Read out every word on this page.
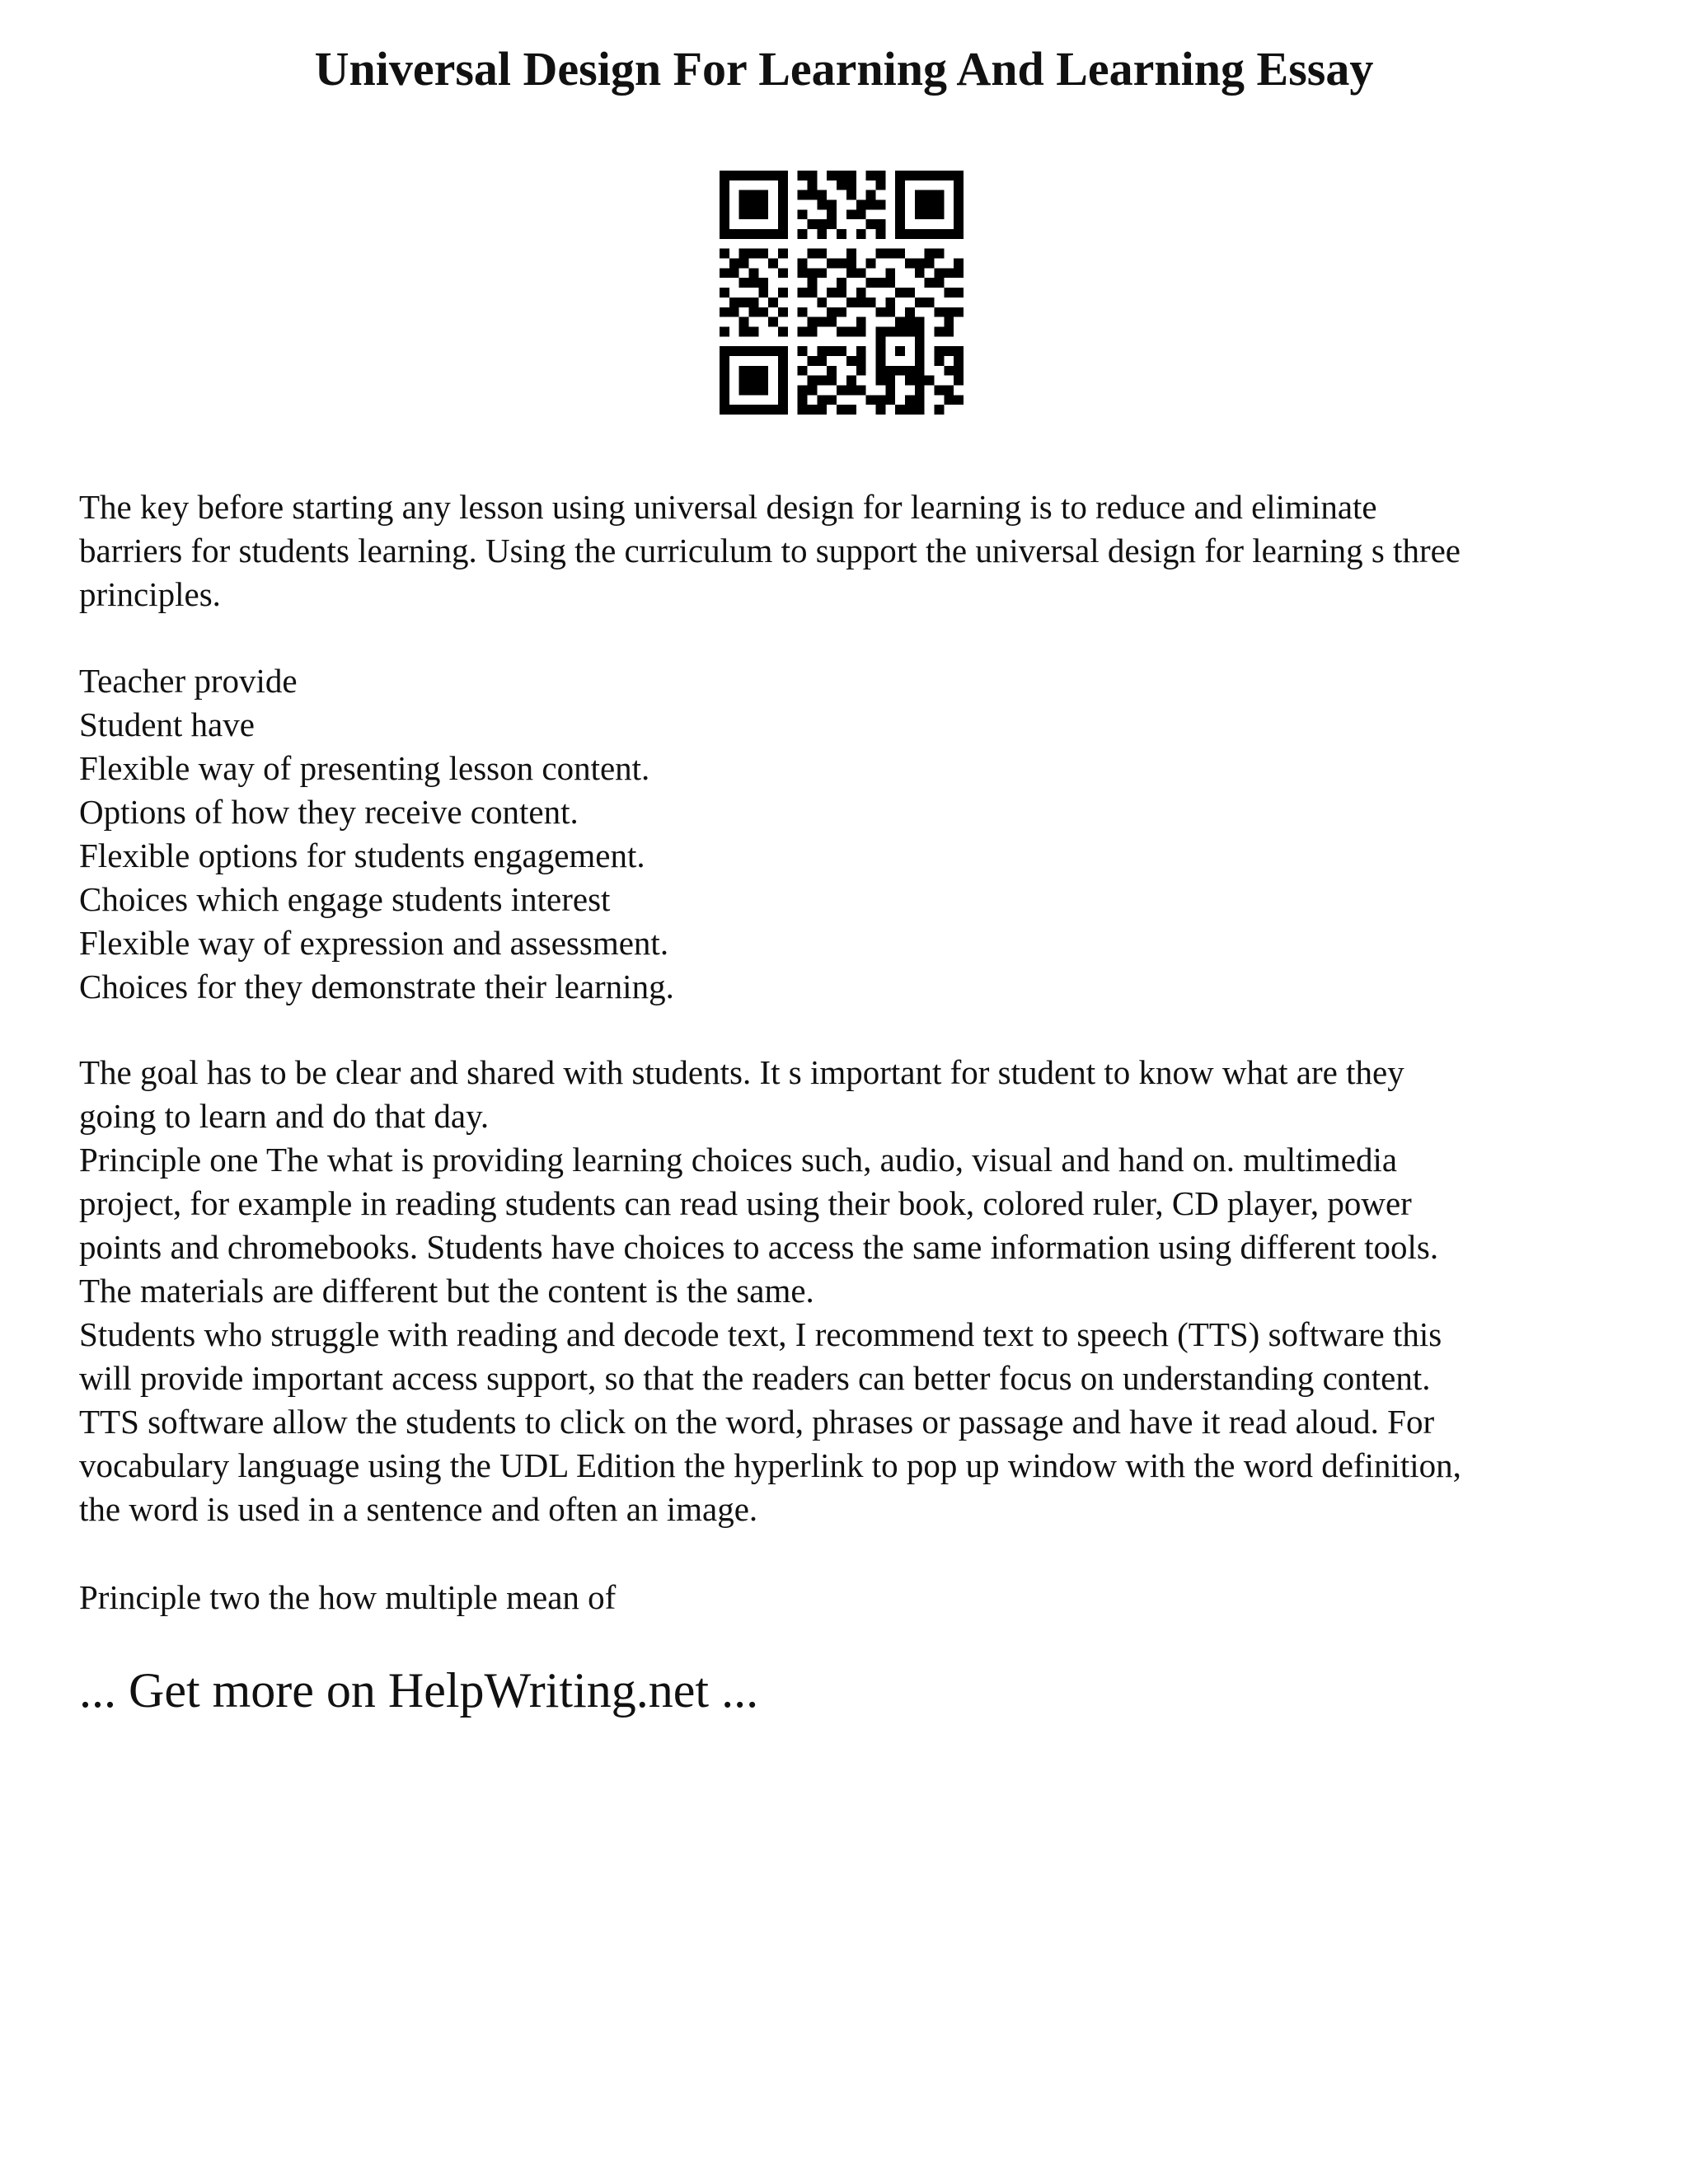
Universal Design For Learning And Learning Essay

The key before starting any lesson using universal design for learning is to reduce and eliminate
barriers for students learning. Using the curriculum to support the universal design for learning s three
principles.

Teacher provide
Student have
Flexible way of presenting lesson content.
Options of how they receive content.
Flexible options for students engagement.
Choices which engage students interest
Flexible way of expression and assessment.
Choices for they demonstrate their learning.

The goal has to be clear and shared with students. It s important for student to know what are they
going to learn and do that day.
Principle one The what is providing learning choices such, audio, visual and hand on. multimedia
project, for example in reading students can read using their book, colored ruler, CD player, power
points and chromebooks. Students have choices to access the same information using different tools.
The materials are different but the content is the same.
Students who struggle with reading and decode text, I recommend text to speech (TTS) software this
will provide important access support, so that the readers can better focus on understanding content.
TTS software allow the students to click on the word, phrases or passage and have it read aloud. For
vocabulary language using the UDL Edition the hyperlink to pop up window with the word definition,
the word is used in a sentence and often an image.

Principle two the how multiple mean of

... Get more on HelpWriting.net ...
